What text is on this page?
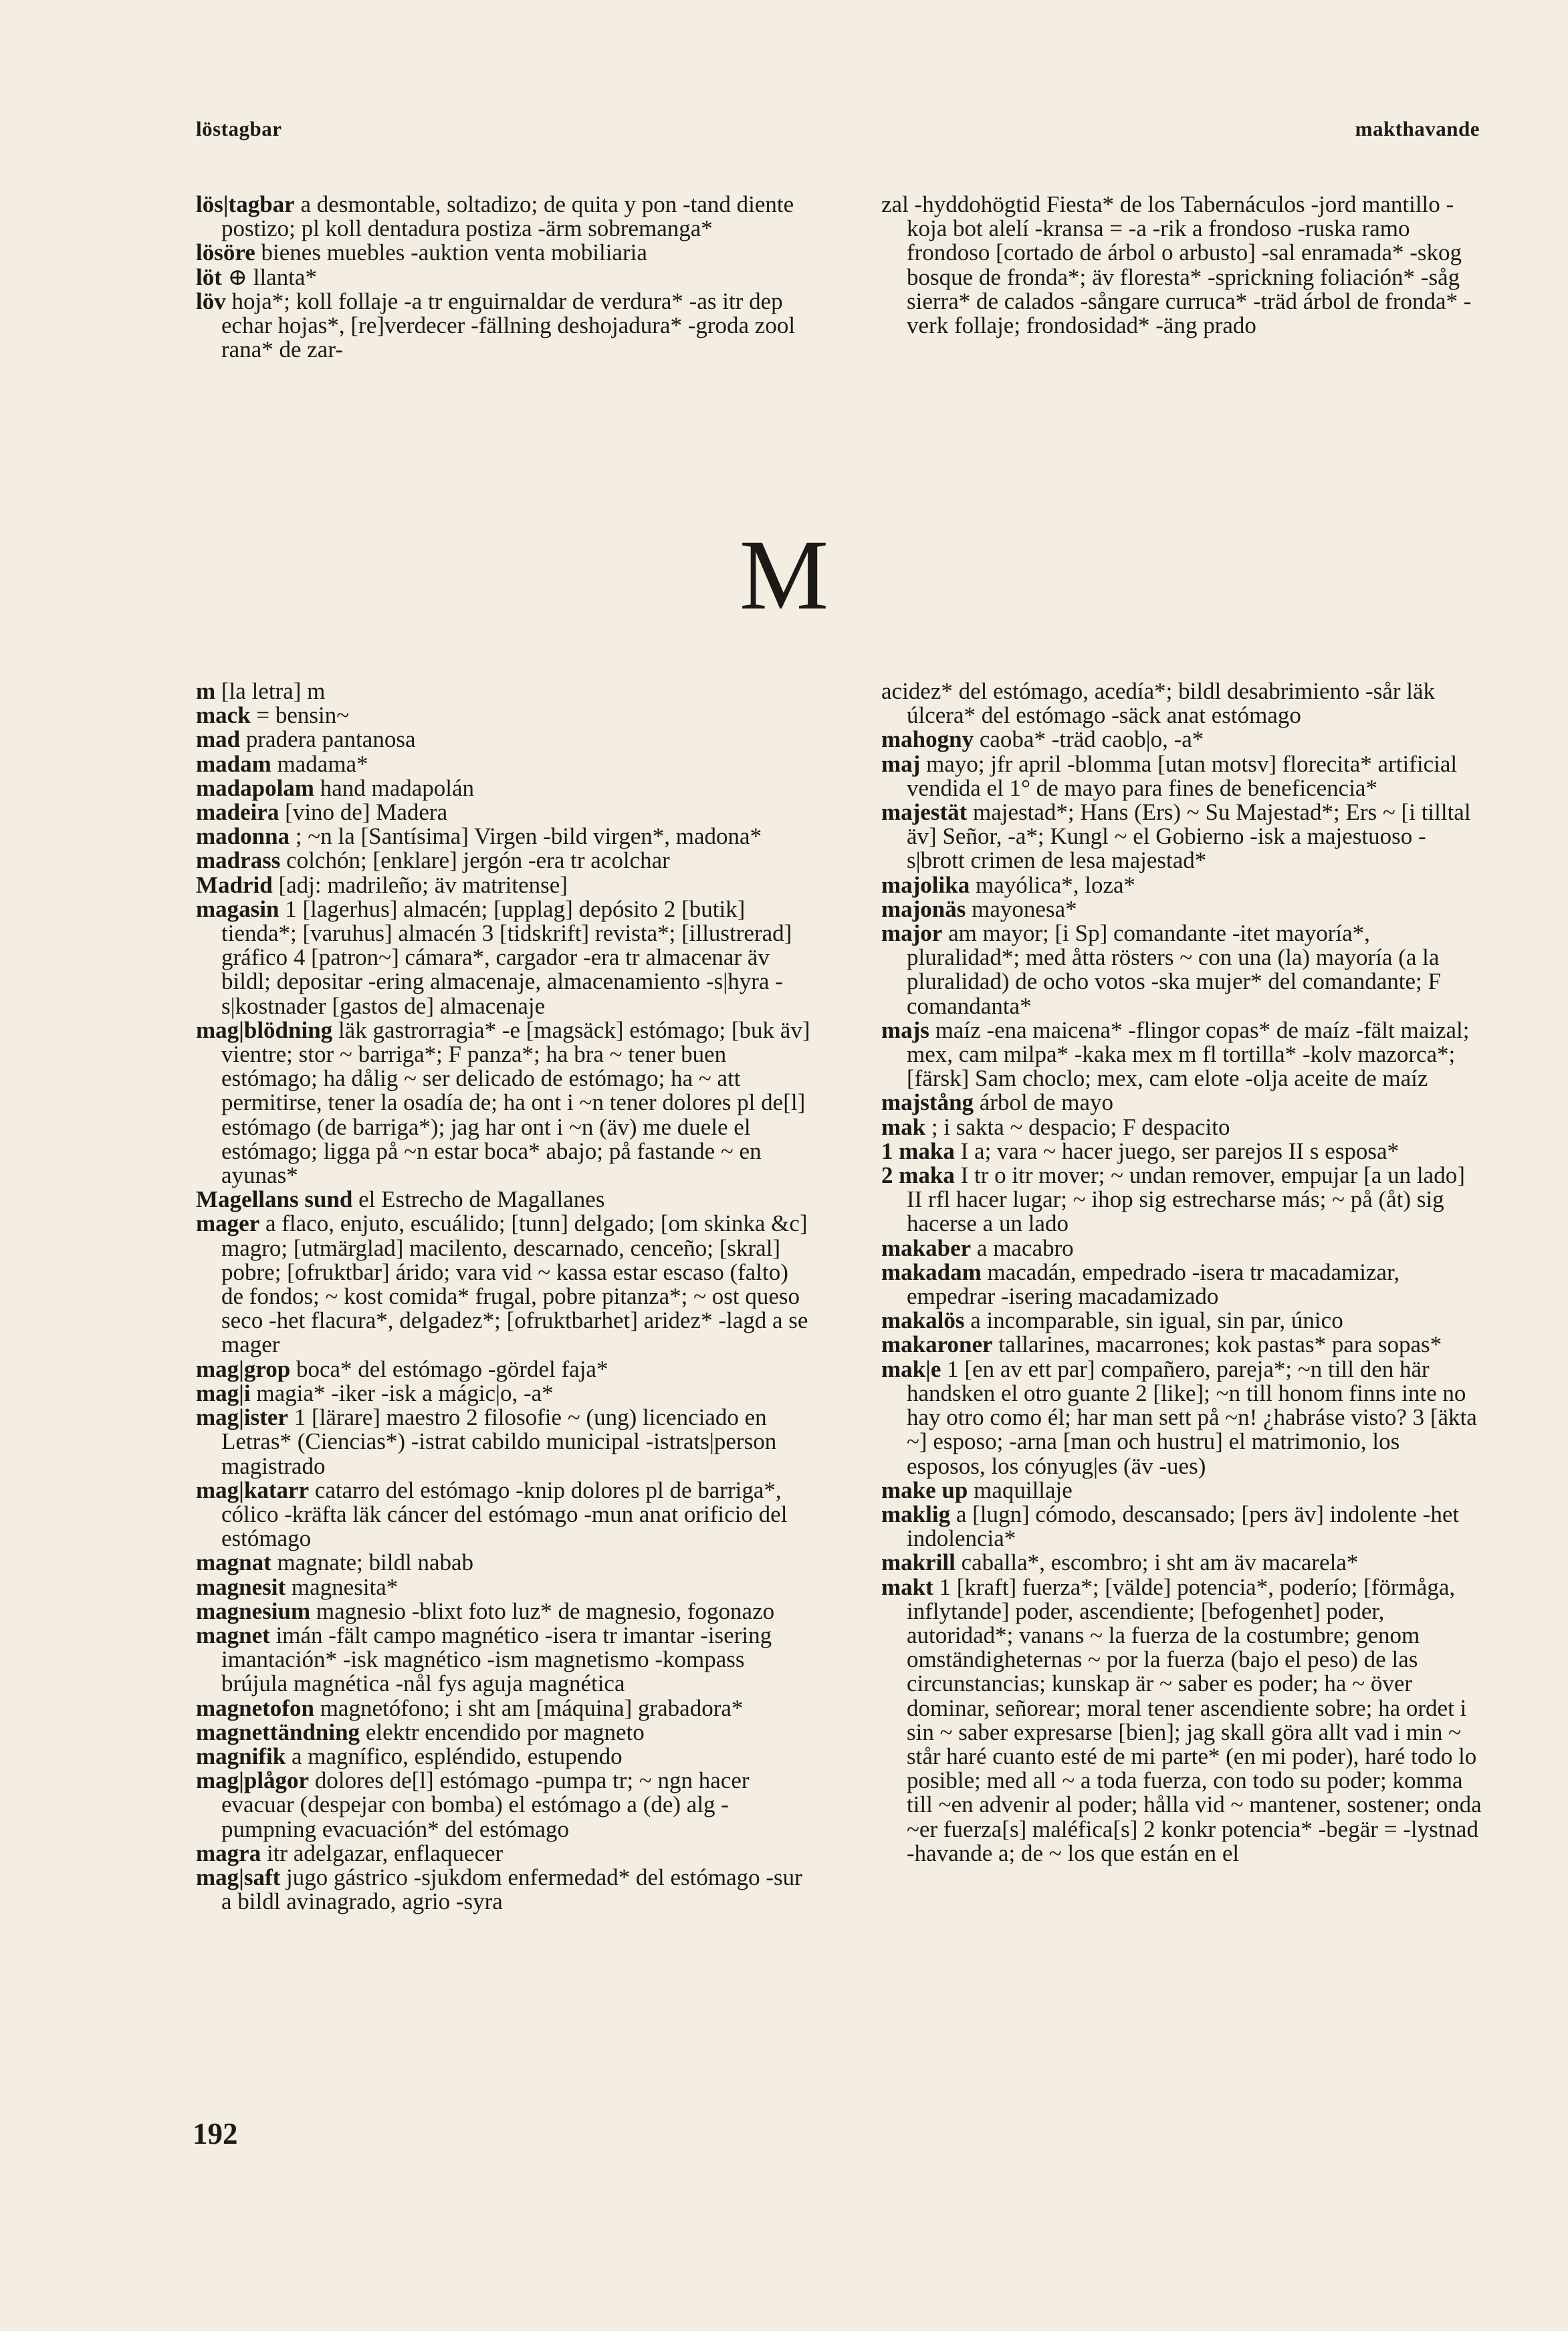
löstagbar	makthavande

lös|tagbar a desmontable, soltadizo; de quita y pon -tand diente postizo; pl koll dentadura postiza -ärm sobremanga*

lösöre bienes muebles -auktion venta mobiliaria

löt ⊕ llanta*

löv hoja*; koll follaje -a tr enguirnaldar de verdura* -as itr dep echar hojas*, [re]verdecer -fällning deshojadura* -groda zool rana* de zar-

zal -hyddohögtid Fiesta* de los Tabernáculos -jord mantillo -koja bot alelí -kransa = -a -rik a frondoso -ruska ramo frondoso [cortado de árbol o arbusto] -sal enramada* -skog bosque de fronda*; äv floresta* -sprickning foliación* -såg sierra* de calados -sångare curruca* -träd árbol de fronda* -verk follaje; frondosidad* -äng prado

M

m [la letra] m

mack = bensin~

mad pradera pantanosa

madam madama*

madapolam hand madapolán

madeira [vino de] Madera

madonna ; ~n la [Santísima] Virgen -bild virgen*, madona*

madrass colchón; [enklare] jergón -era tr acolchar

Madrid [adj: madrileño; äv matritense]

magasin 1 [lagerhus] almacén; [upplag] depósito 2 [butik] tienda*; [varuhus] almacén 3 [tidskrift] revista*; [illustrerad] gráfico 4 [patron~] cámara*, cargador -era tr almacenar äv bildl; depositar -ering almacenaje, almacenamiento -s|hyra -s|kostnader [gastos de] almacenaje

mag|blödning läk gastrorragia* -e [magsäck] estómago; [buk äv] vientre; stor ~ barriga*; F panza*; ha bra ~ tener buen estómago; ha dålig ~ ser delicado de estómago; ha ~ att permitirse, tener la osadía de; ha ont i ~n tener dolores pl de[l] estómago (de barriga*); jag har ont i ~n (äv) me duele el estómago; ligga på ~n estar boca* abajo; på fastande ~ en ayunas*

Magellans sund el Estrecho de Magallanes

mager a flaco, enjuto, escuálido; [tunn] delgado; [om skinka &c] magro; [utmärglad] macilento, descarnado, cenceño; [skral] pobre; [ofruktbar] árido; vara vid ~ kassa estar escaso (falto) de fondos; ~ kost comida* frugal, pobre pitanza*; ~ ost queso seco -het flacura*, delgadez*; [ofruktbarhet] aridez* -lagd a se mager

mag|grop boca* del estómago -gördel faja*

mag|i magia* -iker -isk a mágic|o, -a*

mag|ister 1 [lärare] maestro 2 filosofie ~ (ung) licenciado en Letras* (Ciencias*) -istrat cabildo municipal -istrats|person magistrado

mag|katarr catarro del estómago -knip dolores pl de barriga*, cólico -kräfta läk cáncer del estómago -mun anat orificio del estómago

magnat magnate; bildl nabab

magnesit magnesita*

magnesium magnesio -blixt foto luz* de magnesio, fogonazo

magnet imán -fält campo magnético -isera tr imantar -isering imantación* -isk magnético -ism magnetismo -kompass brújula magnética -nål fys aguja magnética

magnetofon magnetófono; i sht am [máquina] grabadora*

magnettändning elektr encendido por magneto

magnifik a magnífico, espléndido, estupendo

mag|plågor dolores de[l] estómago -pumpa tr; ~ ngn hacer evacuar (despejar con bomba) el estómago a (de) alg -pumpning evacuación* del estómago

magra itr adelgazar, enflaquecer

mag|saft jugo gástrico -sjukdom enfermedad* del estómago -sur a bildl avinagrado, agrio -syra

acidez* del estómago, acedía*; bildl desabrimiento -sår läk úlcera* del estómago -säck anat estómago

mahogny caoba* -träd caob|o, -a*

maj mayo; jfr april -blomma [utan motsv] florecita* artificial vendida el 1° de mayo para fines de beneficencia*

majestät majestad*; Hans (Ers) ~ Su Majestad*; Ers ~ [i tilltal äv] Señor, -a*; Kungl ~ el Gobierno -isk a majestuoso -s|brott crimen de lesa majestad*

majolika mayólica*, loza*

majonäs mayonesa*

major am mayor; [i Sp] comandante -itet mayoría*, pluralidad*; med åtta rösters ~ con una (la) mayoría (a la pluralidad) de ocho votos -ska mujer* del comandante; F comandanta*

majs maíz -ena maicena* -flingor copas* de maíz -fält maizal; mex, cam milpa* -kaka mex m fl tortilla* -kolv mazorca*; [färsk] Sam choclo; mex, cam elote -olja aceite de maíz

majstång árbol de mayo

mak ; i sakta ~ despacio; F despacito

1 maka I a; vara ~ hacer juego, ser parejos II s esposa*

2 maka I tr o itr mover; ~ undan remover, empujar [a un lado] II rfl hacer lugar; ~ ihop sig estrecharse más; ~ på (åt) sig hacerse a un lado

makaber a macabro

makadam macadán, empedrado -isera tr macadamizar, empedrar -isering macadamizado

makalös a incomparable, sin igual, sin par, único

makaroner tallarines, macarrones; kok pastas* para sopas*

mak|e 1 [en av ett par] compañero, pareja*; ~n till den här handsken el otro guante 2 [like]; ~n till honom finns inte no hay otro como él; har man sett på ~n! ¿habráse visto? 3 [äkta ~] esposo; -arna [man och hustru] el matrimonio, los esposos, los cónyug|es (äv -ues)

make up maquillaje

maklig a [lugn] cómodo, descansado; [pers äv] indolente -het indolencia*

makrill caballa*, escombro; i sht am äv macarela*

makt 1 [kraft] fuerza*; [välde] potencia*, poderío; [förmåga, inflytande] poder, ascendiente; [befogenhet] poder, autoridad*; vanans ~ la fuerza de la costumbre; genom omständigheternas ~ por la fuerza (bajo el peso) de las circunstancias; kunskap är ~ saber es poder; ha ~ över dominar, señorear; moral tener ascendiente sobre; ha ordet i sin ~ saber expresarse [bien]; jag skall göra allt vad i min ~ står haré cuanto esté de mi parte* (en mi poder), haré todo lo posible; med all ~ a toda fuerza, con todo su poder; komma till ~en advenir al poder; hålla vid ~ mantener, sostener; onda ~er fuerza[s] maléfica[s] 2 konkr potencia* -begär = -lystnad -havande a; de ~ los que están en el

192
